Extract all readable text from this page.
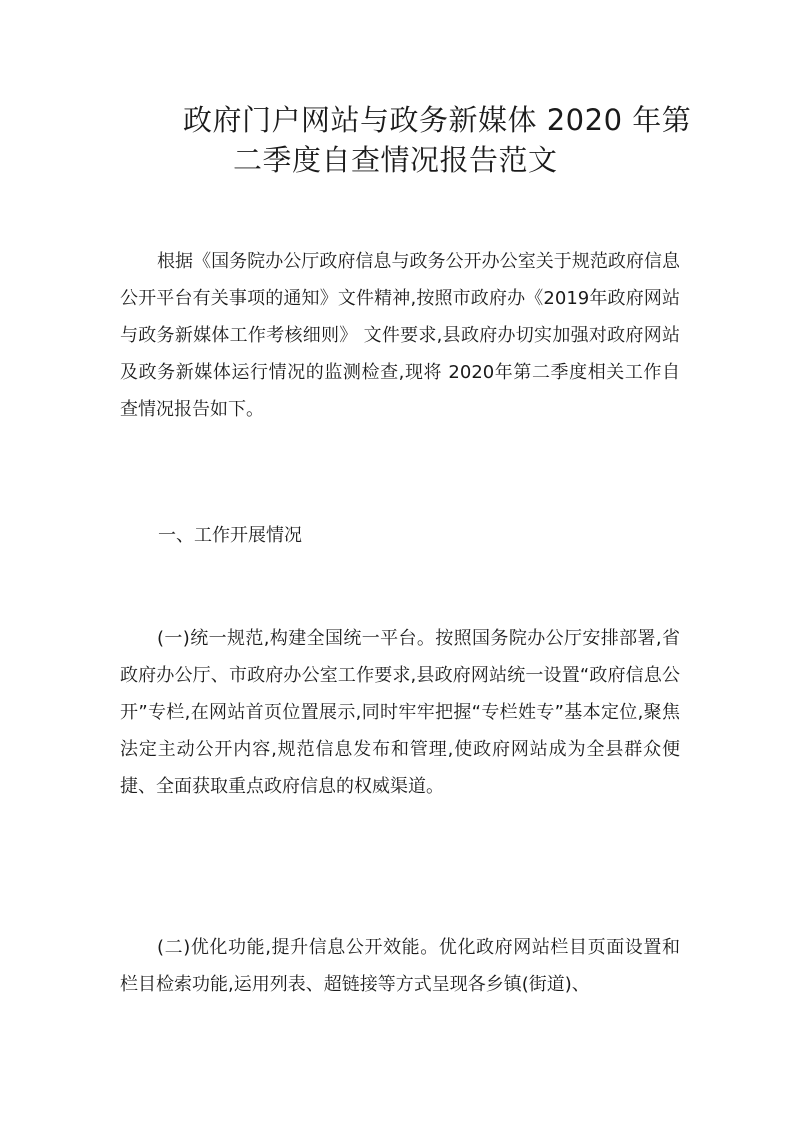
政府门户网站与政务新媒体 2020 年第
二季度自查情况报告范文

根据《国务院办公厅政府信息与政务公开办公室关于规范政府信息公开平台有关事项的通知》文件精神,按照市政府办《2019年政府网站与政务新媒体工作考核细则》 文件要求,县政府办切实加强对政府网站及政务新媒体运行情况的监测检查,现将 2020年第二季度相关工作自查情况报告如下。

一、工作开展情况

(一)统一规范,构建全国统一平台。按照国务院办公厅安排部署,省政府办公厅、市政府办公室工作要求,县政府网站统一设置“政府信息公开”专栏,在网站首页位置展示,同时牢牢把握“专栏姓专”基本定位,聚焦法定主动公开内容,规范信息发布和管理,使政府网站成为全县群众便捷、全面获取重点政府信息的权威渠道。

(二)优化功能,提升信息公开效能。优化政府网站栏目页面设置和栏目检索功能,运用列表、超链接等方式呈现各乡镇(街道)、
